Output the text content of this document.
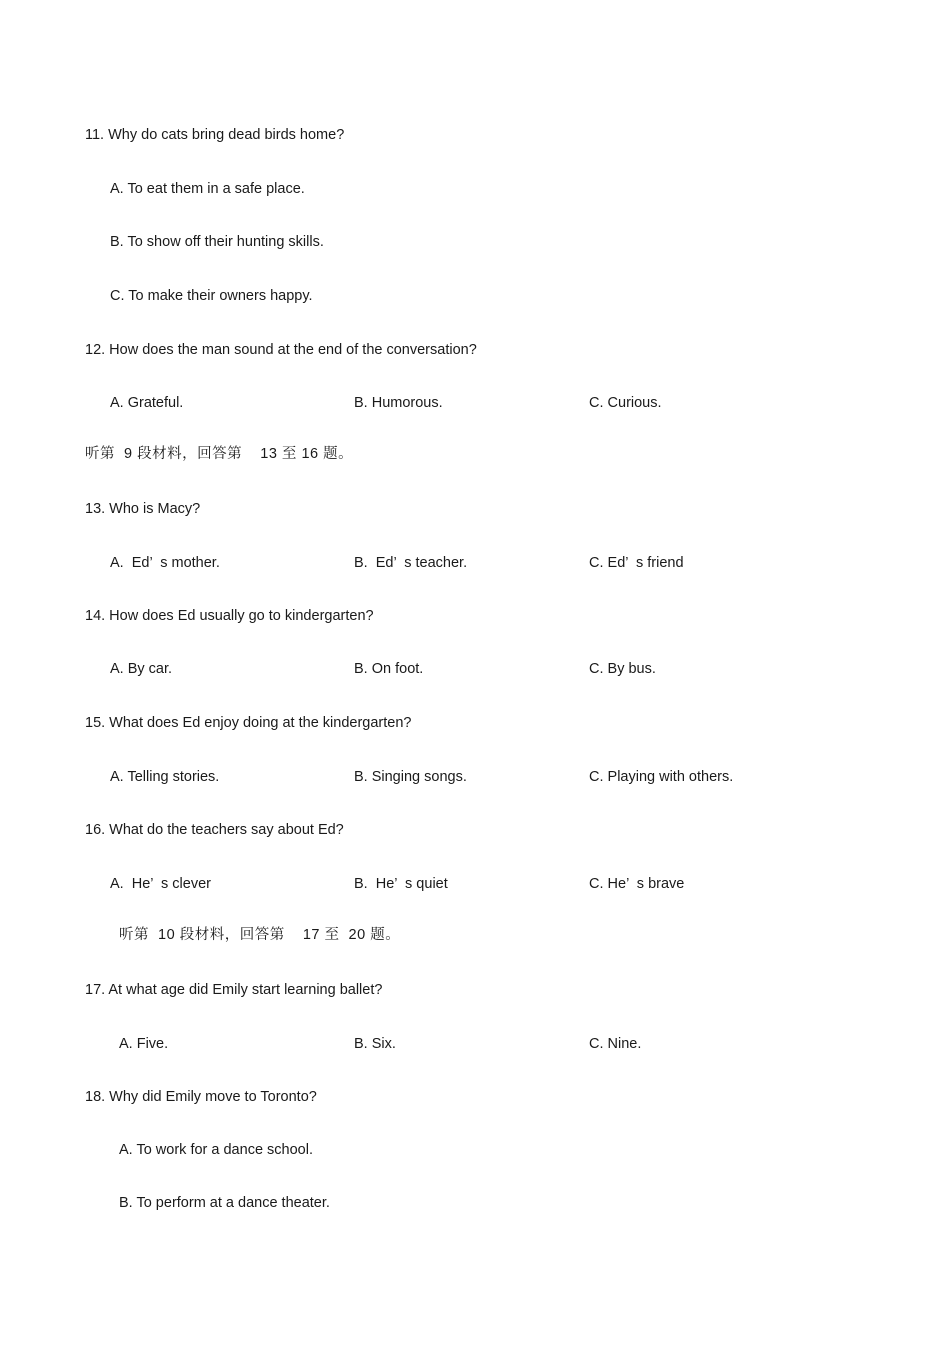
11. Why do cats bring dead birds home?
A. To eat them in a safe place.
B. To show off their hunting skills.
C. To make their owners happy.
12. How does the man sound at the end of the conversation?
A. Grateful.	B. Humorous.	C. Curious.
听第  9 段材料，回答第    13 至 16 题。
13. Who is Macy?
A.  Ed’  s mother.	B.  Ed’  s teacher.	C. Ed’  s friend
14. How does Ed usually go to kindergarten?
A. By car.	B. On foot.	C. By bus.
15. What does Ed enjoy doing at the kindergarten?
A. Telling stories.	B. Singing songs.	C. Playing with others.
16. What do the teachers say about Ed?
A.  He’  s clever	B.  He’  s quiet	C. He’  s brave
听第  10 段材料，回答第    17 至  20 题。
17. At what age did Emily start learning ballet?
A. Five.	B. Six.	C. Nine.
18. Why did Emily move to Toronto?
A. To work for a dance school.
B. To perform at a dance theater.
